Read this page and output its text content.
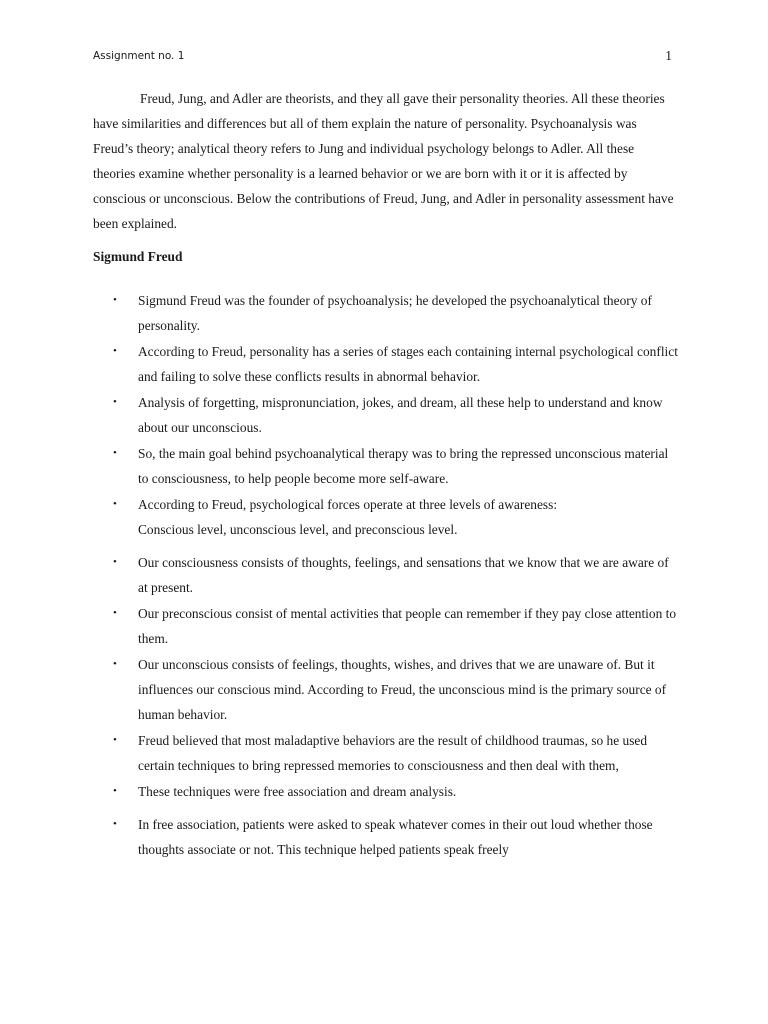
Assignment no. 1	1

Freud, Jung, and Adler are theorists, and they all gave their personality theories. All these theories have similarities and differences but all of them explain the nature of personality. Psychoanalysis was Freud’s theory; analytical theory refers to Jung and individual psychology belongs to Adler. All these theories examine whether personality is a learned behavior or we are born with it or it is affected by conscious or unconscious. Below the contributions of Freud, Jung, and Adler in personality assessment have been explained.

Sigmund Freud
• Sigmund Freud was the founder of psychoanalysis; he developed the psychoanalytical theory of personality.
• According to Freud, personality has a series of stages each containing internal psychological conflict and failing to solve these conflicts results in abnormal behavior.
• Analysis of forgetting, mispronunciation, jokes, and dream, all these help to understand and know about our unconscious.
• So, the main goal behind psychoanalytical therapy was to bring the repressed unconscious material to consciousness, to help people become more self-aware.
• According to Freud, psychological forces operate at three levels of awareness:
Conscious level, unconscious level, and preconscious level.
• Our consciousness consists of thoughts, feelings, and sensations that we know that we are aware of at present.
• Our preconscious consist of mental activities that people can remember if they pay close attention to them.
• Our unconscious consists of feelings, thoughts, wishes, and drives that we are unaware of. But it influences our conscious mind. According to Freud, the unconscious mind is the primary source of human behavior.
• Freud believed that most maladaptive behaviors are the result of childhood traumas, so he used certain techniques to bring repressed memories to consciousness and then deal with them,
• These techniques were free association and dream analysis.
• In free association, patients were asked to speak whatever comes in their out loud whether those thoughts associate or not. This technique helped patients speak freely
